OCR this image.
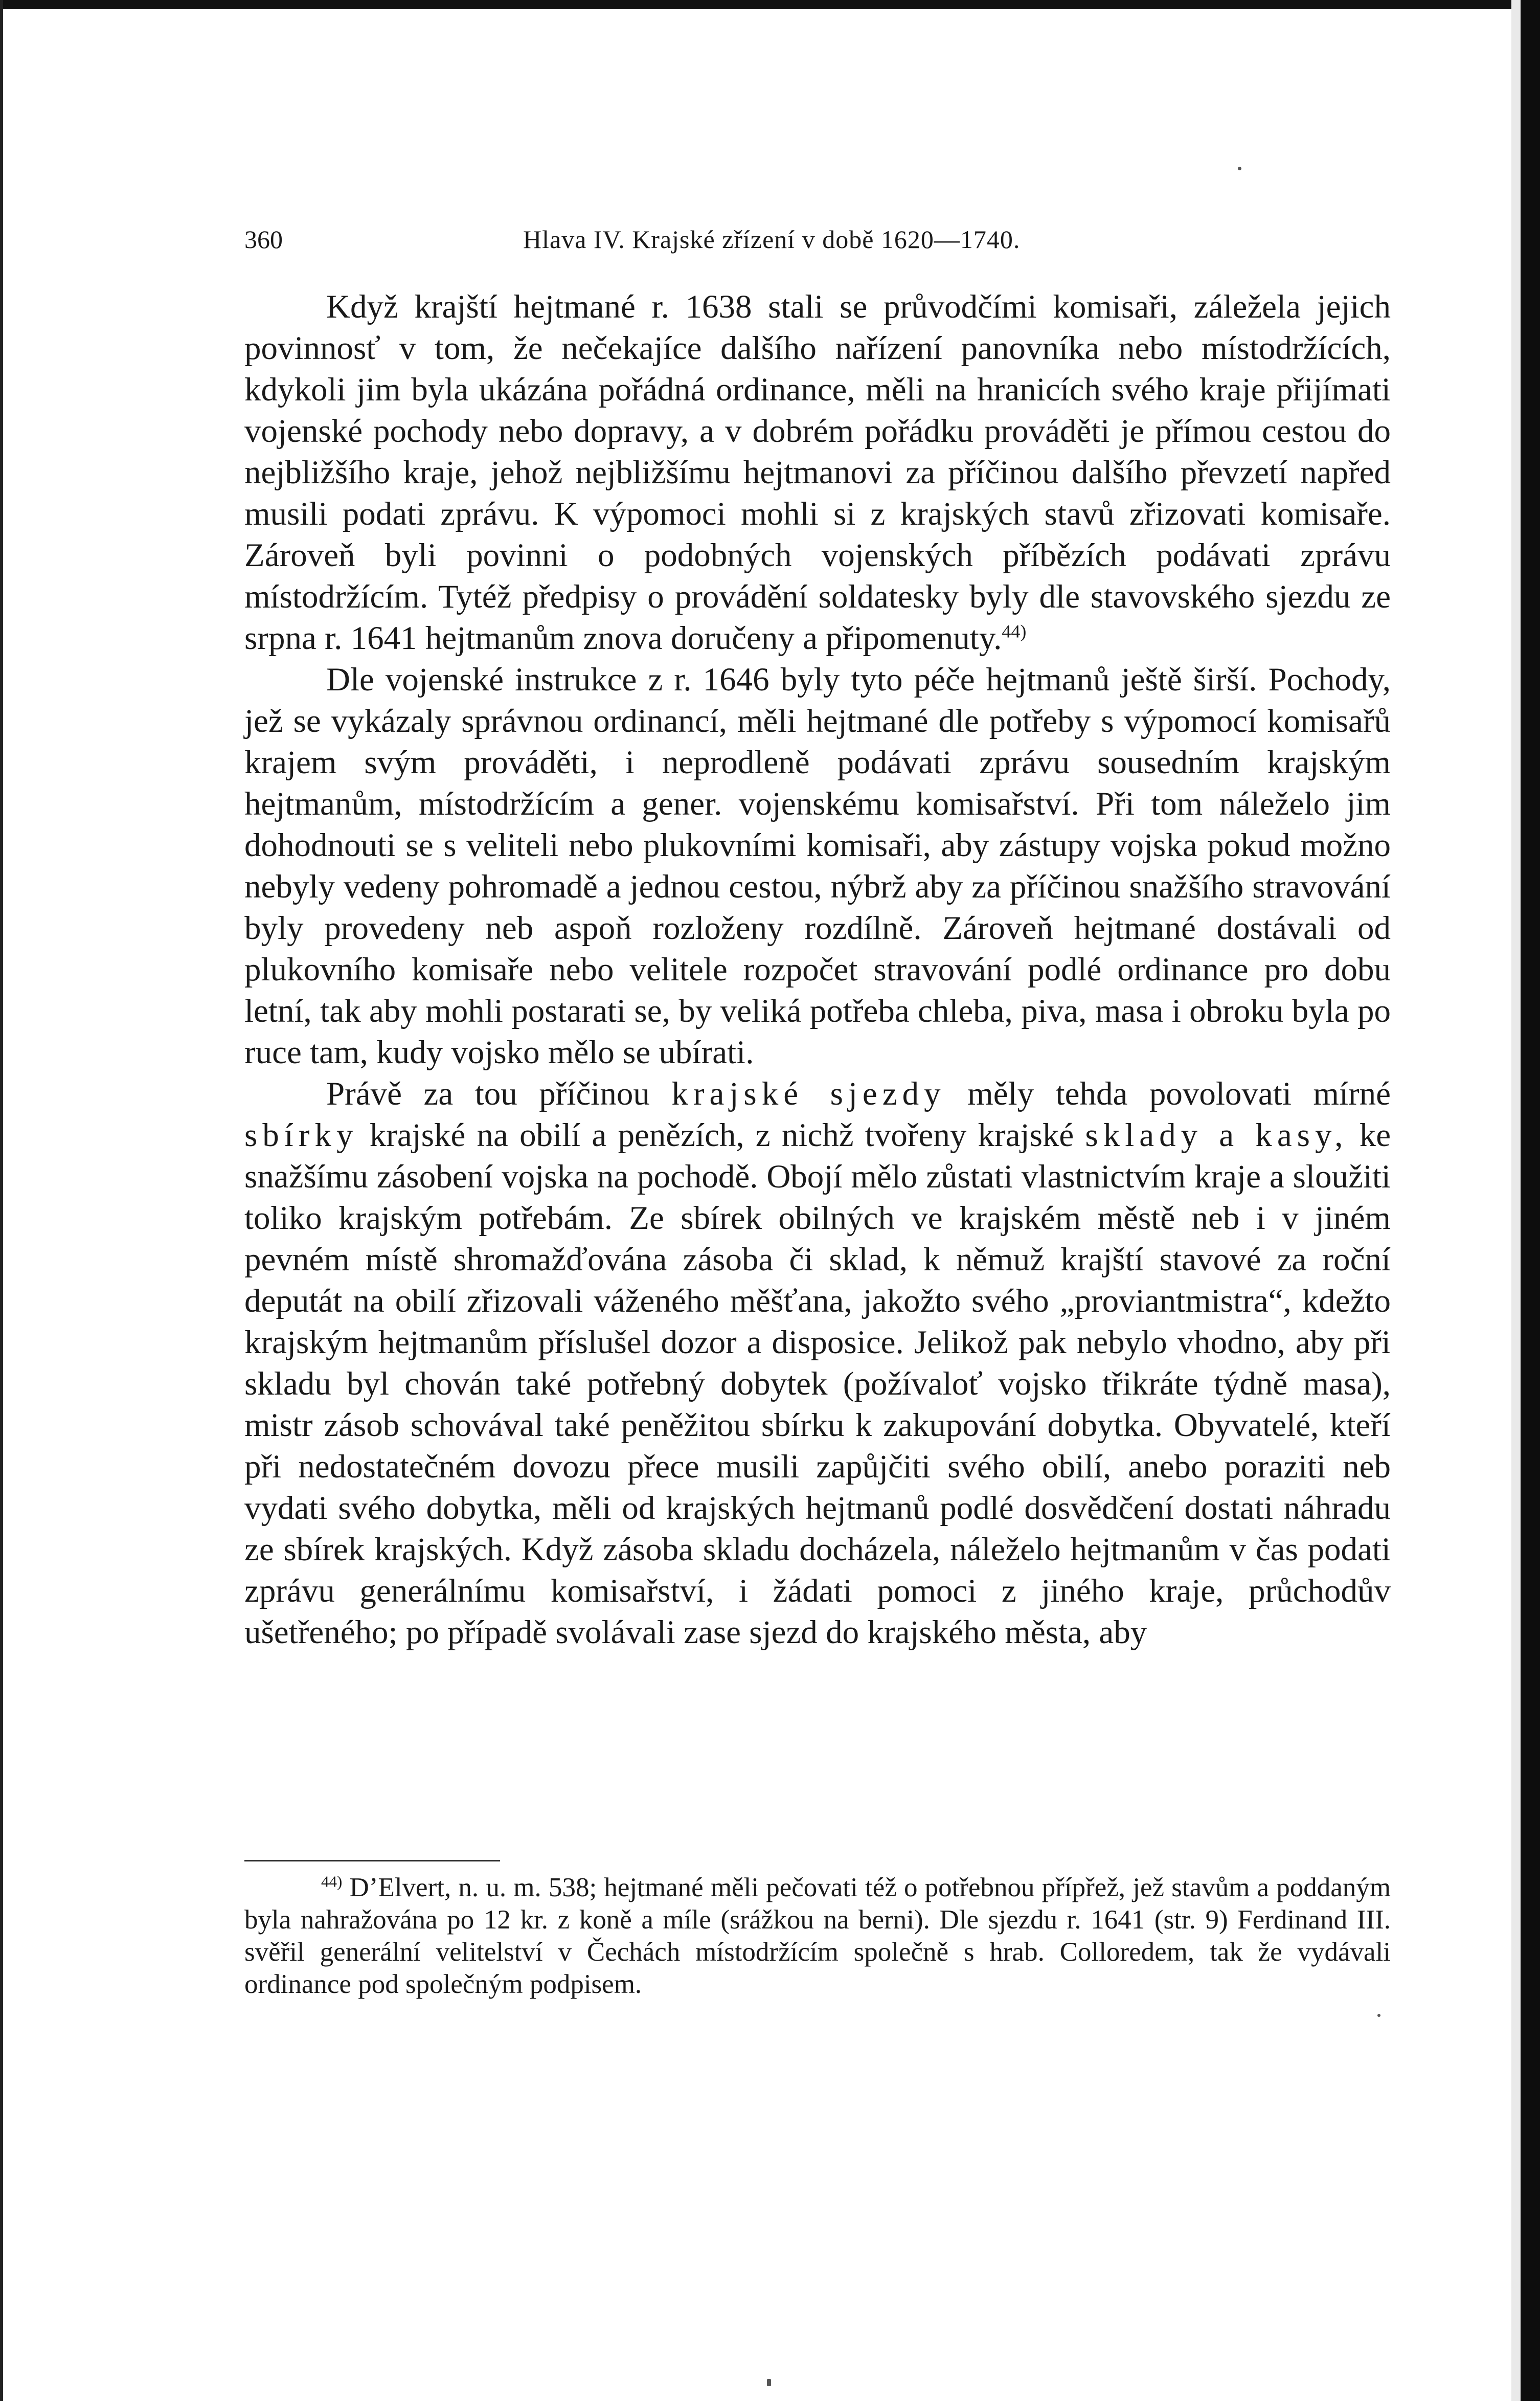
360	Hlava IV. Krajské zřízení v době 1620—1740.

Když krajští hejtmané r. 1638 stali se průvodčími komisaři, záležela jejich povinnosť v tom, že nečekajíce dalšího nařízení panovníka nebo místodržících, kdykoli jim byla ukázána pořádná ordinance, měli na hranicích svého kraje přijímati vojenské pochody nebo dopravy, a v dobrém pořádku prováděti je přímou cestou do nejbližšího kraje, jehož nejbližšímu hejtmanovi za příčinou dalšího převzetí napřed musili podati zprávu. K výpomoci mohli si z krajských stavů zřizovati komisaře. Zároveň byli povinni o podobných vojenských příbězích podávati zprávu místodržícím. Tytéž předpisy o provádění soldatesky byly dle stavovského sjezdu ze srpna r. 1641 hejtmanům znova doručeny a připomenuty.$^{44)}$

Dle vojenské instrukce z r. 1646 byly tyto péče hejtmanů ještě širší. Pochody, jež se vykázaly správnou ordinancí, měli hejtmané dle potřeby s výpomocí komisařů krajem svým prováděti, i neprodleně podávati zprávu sousedním krajským hejtmanům, místodržícím a gener. vojenskému komisařství. Při tom náleželo jim dohodnouti se s veliteli nebo plukovními komisaři, aby zástupy vojska pokud možno nebyly vedeny pohromadě a jednou cestou, nýbrž aby za příčinou snažšího stravování byly provedeny neb aspoň rozloženy rozdílně. Zároveň hejtmané dostávali od plukovního komisaře nebo velitele rozpočet stravování podlé ordinance pro dobu letní, tak aby mohli postarati se, by veliká potřeba chleba, piva, masa i obroku byla po ruce tam, kudy vojsko mělo se ubírati.

Právě za tou příčinou krajské sjezdy měly tehda povolovati mírné sbírky krajské na obilí a penězích, z nichž tvořeny krajské sklady a kasy, ke snažšímu zásobení vojska na pochodě. Obojí mělo zůstati vlastnictvím kraje a sloužiti toliko krajským potřebám. Ze sbírek obilných ve krajském městě neb i v jiném pevném místě shromažďována zásoba či sklad, k němuž krajští stavové za roční deputát na obilí zřizovali váženého měšťana, jakožto svého „proviantmistra“, kdežto krajským hejtmanům příslušel dozor a disposice. Jelikož pak nebylo vhodno, aby při skladu byl chován také potřebný dobytek (požívaloť vojsko třikráte týdně masa), mistr zásob schovával také peněžitou sbírku k zakupování dobytka. Obyvatelé, kteří při nedostatečném dovozu přece musili zapůjčiti svého obilí, anebo poraziti neb vydati svého dobytka, měli od krajských hejtmanů podlé dosvědčení dostati náhradu ze sbírek krajských. Když zásoba skladu docházela, náleželo hejtmanům v čas podati zprávu generálnímu komisařství, i žádati pomoci z jiného kraje, průchodův ušetřeného; po případě svolávali zase sjezd do krajského města, aby

$^{44)}$ D’Elvert, n. u. m. 538; hejtmané měli pečovati též o potřebnou přípřež, jež stavům a poddaným byla nahražována po 12 kr. z koně a míle (srážkou na berni). Dle sjezdu r. 1641 (str. 9) Ferdinand III. svěřil generální velitelství v Čechách místodržícím společně s hrab. Colloredem, tak že vydávali ordinance pod společným podpisem.
